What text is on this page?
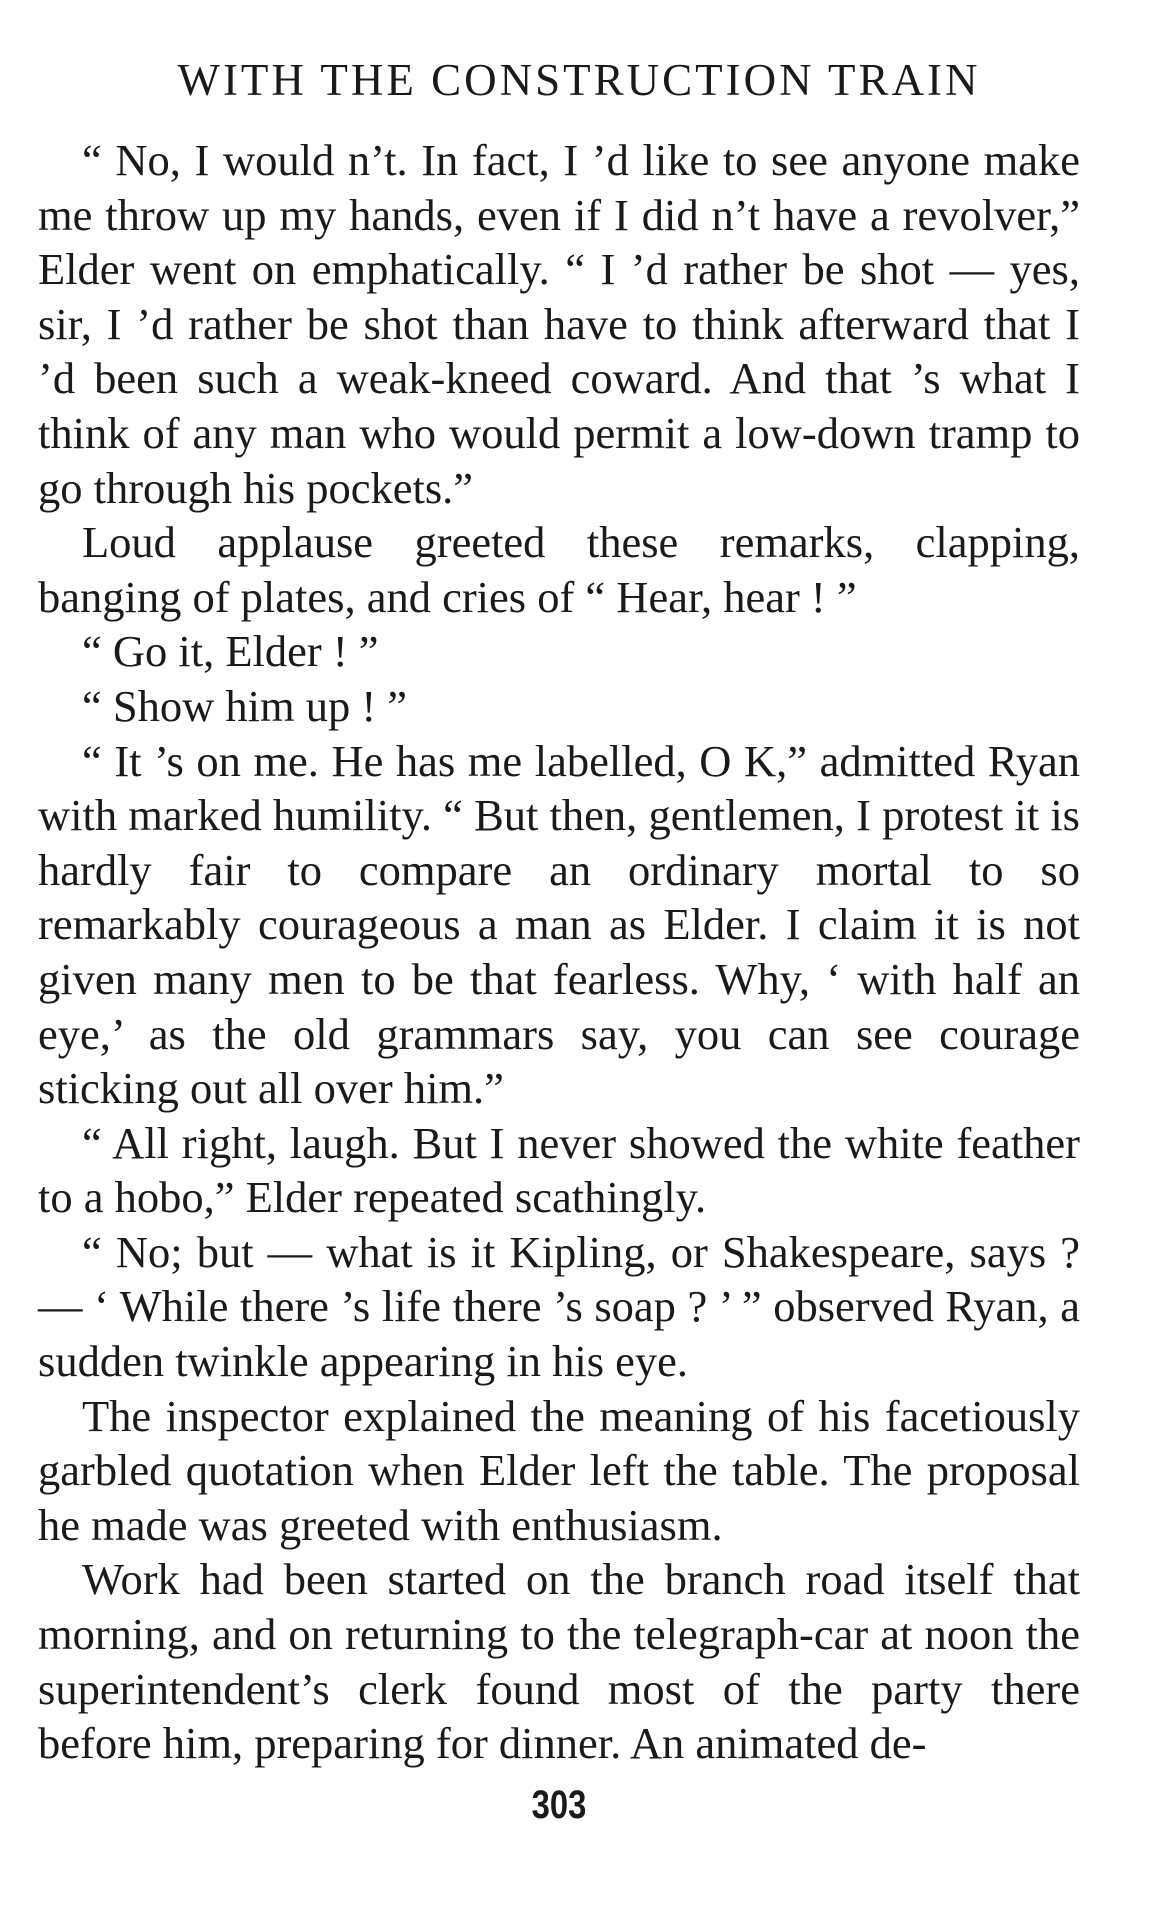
WITH THE CONSTRUCTION TRAIN

“ No, I would n’t. In fact, I ’d like to see anyone make me throw up my hands, even if I did n’t have a revolver,” Elder went on emphatically. “ I ’d rather be shot — yes, sir, I ’d rather be shot than have to think afterward that I ’d been such a weak-kneed coward. And that ’s what I think of any man who would permit a low-down tramp to go through his pockets.”

Loud applause greeted these remarks, clapping, banging of plates, and cries of “ Hear, hear ! ”

“ Go it, Elder ! ”

“ Show him up ! ”

“ It ’s on me. He has me labelled, O K,” admitted Ryan with marked humility. “ But then, gentlemen, I protest it is hardly fair to compare an ordinary mortal to so remarkably courageous a man as Elder. I claim it is not given many men to be that fearless. Why, ‘ with half an eye,’ as the old grammars say, you can see courage sticking out all over him.”

“ All right, laugh. But I never showed the white feather to a hobo,” Elder repeated scathingly.

“ No; but — what is it Kipling, or Shakespeare, says ? — ‘ While there ’s life there ’s soap ? ’ ” observed Ryan, a sudden twinkle appearing in his eye.

The inspector explained the meaning of his facetiously garbled quotation when Elder left the table. The proposal he made was greeted with enthusiasm.

Work had been started on the branch road itself that morning, and on returning to the telegraph-car at noon the superintendent’s clerk found most of the party there before him, preparing for dinner. An animated de-

303
